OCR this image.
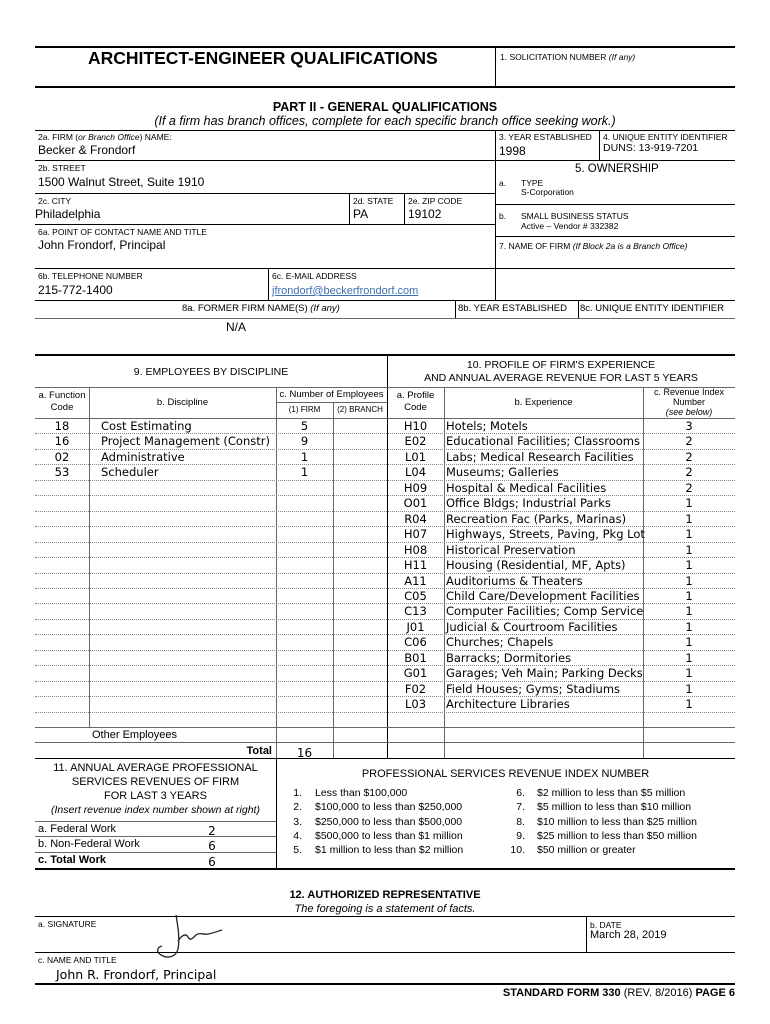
ARCHITECT-ENGINEER QUALIFICATIONS	1. SOLICITATION NUMBER (If any)
PART II - GENERAL QUALIFICATIONS
(If a firm has branch offices, complete for each specific branch office seeking work.)
2a. FIRM (or Branch Office) NAME:
Becker & Frondorf
3. YEAR ESTABLISHED
1998
4. UNIQUE ENTITY IDENTIFIER
DUNS: 13-919-7201
2b. STREET
1500 Walnut Street, Suite 1910
5. OWNERSHIP
a. TYPE
S-Corporation
b. SMALL BUSINESS STATUS
Active – Vendor # 332382
2c. CITY
Philadelphia
2d. STATE
PA
2e. ZIP CODE
19102
6a. POINT OF CONTACT NAME AND TITLE
John Frondorf, Principal	7. NAME OF FIRM (If Block 2a is a Branch Office)
6b. TELEPHONE NUMBER
215-772-1400
6c. E-MAIL ADDRESS
jfrondorf@beckerfrondorf.com
8a. FORMER FIRM NAME(S) (If any)	8b. YEAR ESTABLISHED 8c. UNIQUE ENTITY IDENTIFIER
N/A
9. EMPLOYEES BY DISCIPLINE
a. Function
Code	b. Discipline
c. Number of Employees
(1) FIRM	(2) BRANCH
10. PROFILE OF FIRM'S EXPERIENCE
AND ANNUAL AVERAGE REVENUE FOR LAST 5 YEARS
a. Profile
Code	b. Experience
c. Revenue Index
Number
(see below)
18	Cost Estimating	5
16	Project Management (Constr)	9
02	Administrative	1
53	Scheduler	1
H10	Hotels; Motels	3
E02	Educational Facilities; Classrooms	2
L01	Labs; Medical Research Facilities	2
L04	Museums; Galleries	2
H09	Hospital & Medical Facilities	2
O01	Office Bldgs; Industrial Parks	1
R04	Recreation Fac (Parks, Marinas)	1
H07	Highways, Streets, Paving, Pkg Lot	1
H08	Historical Preservation	1
H11	Housing (Residential, MF, Apts)	1
A11	Auditoriums & Theaters	1
C05	Child Care/Development Facilities	1
C13	Computer Facilities; Comp Service	1
J01	Judicial & Courtroom Facilities	1
C06	Churches; Chapels	1
B01	Barracks; Dormitories	1
G01	Garages; Veh Main; Parking Decks	1
F02	Field Houses; Gyms; Stadiums	1
L03	Architecture Libraries	1
Other Employees
Total	16
11. ANNUAL AVERAGE PROFESSIONAL
SERVICES REVENUES OF FIRM
FOR LAST 3 YEARS
(Insert revenue index number shown at right)
a. Federal Work	2
b. Non-Federal Work	6
c. Total Work	6
PROFESSIONAL SERVICES REVENUE INDEX NUMBER
1. Less than $100,000
2. $100,000 to less than $250,000
3. $250,000 to less than $500,000
4. $500,000 to less than $1 million
5. $1 million to less than $2 million
6. $2 million to less than $5 million
7. $5 million to less than $10 million
8. $10 million to less than $25 million
9. $25 million to less than $50 million
10. $50 million or greater
12. AUTHORIZED REPRESENTATIVE
The foregoing is a statement of facts.
a. SIGNATURE	b. DATE
March 28, 2019
c. NAME AND TITLE
John R. Frondorf, Principal
STANDARD FORM 330 (REV. 8/2016) PAGE 6
